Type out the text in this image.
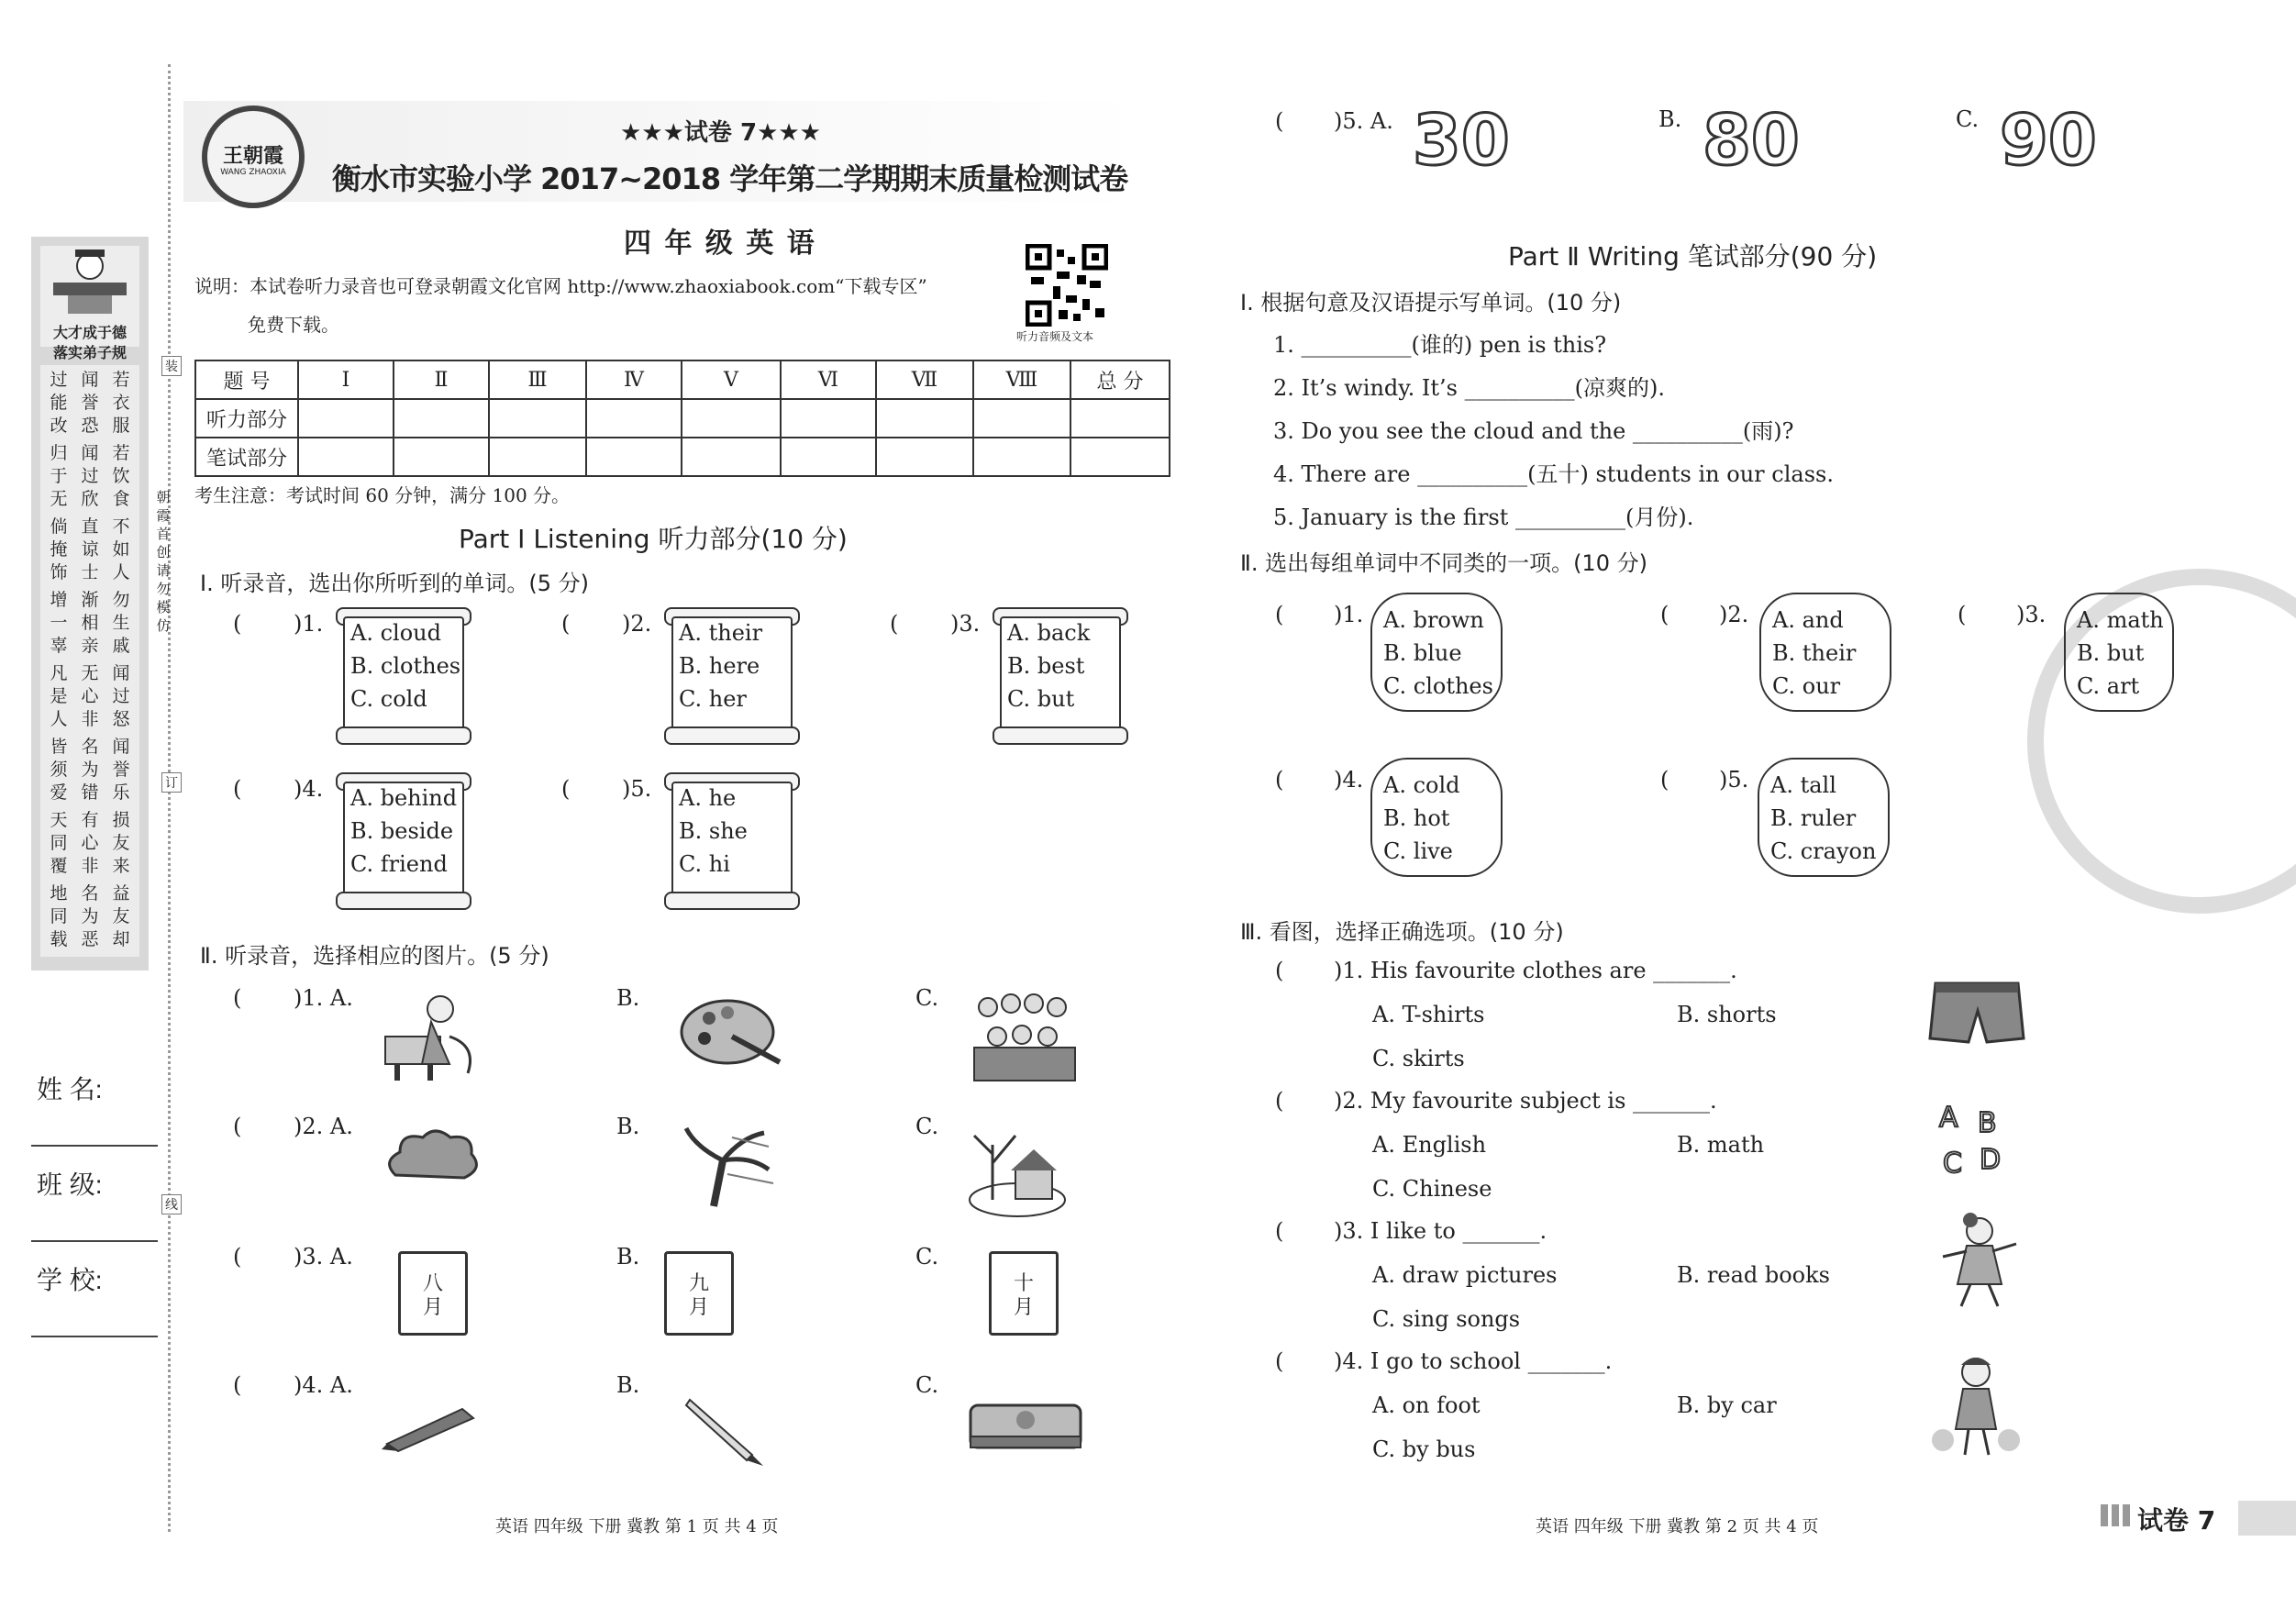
大才成于德
落实弟子规
过能改
归于无
倘掩饰
增一辜
凡是人
皆须爱
天同覆
地同载
闻誉恐
闻过欣
直谅士
渐相亲
无心非
名为错
有心非
名为恶
若衣服
若饮食
不如人
勿生戚
闻过怒
闻誉乐
损友来
益友却
装
订
线
朝霞首创 请勿模仿
姓 名:
班 级:
学 校:
王朝霞
WANG ZHAOXIA
★★★试卷 7★★★
衡水市实验小学 2017~2018 学年第二学期期末质量检测试卷
四 年 级 英 语
说明：本试卷听力录音也可登录朝霞文化官网 http://www.zhaoxiabook.com“下载专区”
免费下载。
听力音频及文本
题 号	Ⅰ	Ⅱ	Ⅲ	Ⅳ	Ⅴ	Ⅵ	Ⅶ	Ⅷ	总 分
听力部分									
笔试部分									
考生注意：考试时间 60 分钟，满分 100 分。
Part Ⅰ Listening 听力部分(10 分)
Ⅰ. 听录音，选出你所听到的单词。(5 分)
( )1. A. cloud
B. clothes
C. cold
( )2. A. their
B. here
C. her
( )3. A. back
B. best
C. but
( )4. A. behind
B. beside
C. friend
( )5. A. he
B. she
C. hi
Ⅱ. 听录音，选择相应的图片。(5 分)
( )1. A.	B.	C.
( )2. A.	B.	C.
( )3. A.	B.	C.
( )4. A.	B.	C.
八
月
九
月
十
月
英语 四年级 下册 冀教 第 1 页 共 4 页
( )5. A. 30	B. 80	C. 90
Part Ⅱ Writing 笔试部分(90 分)
Ⅰ. 根据句意及汉语提示写单词。(10 分)
1. __________(谁的) pen is this?
2. It’s windy. It’s __________(凉爽的).
3. Do you see the cloud and the __________(雨)?
4. There are __________(五十) students in our class.
5. January is the first __________(月份).
Ⅱ. 选出每组单词中不同类的一项。(10 分)
( )1. A. brown
B. blue
C. clothes
( )2. A. and
B. their
C. our
( )3. A. math
B. but
C. art
( )4. A. cold
B. hot
C. live
( )5. A. tall
B. ruler
C. crayon
Ⅲ. 看图，选择正确选项。(10 分)
( )1. His favourite clothes are _______.
A. T-shirts	B. shorts
C. skirts
( )2. My favourite subject is _______.
A. English	B. math
C. Chinese
( )3. I like to _______.
A. draw pictures	B. read books
C. sing songs
( )4. I go to school _______.
A. on foot	B. by car
C. by bus
A B
C D
英语 四年级 下册 冀教 第 2 页 共 4 页	试卷 7
